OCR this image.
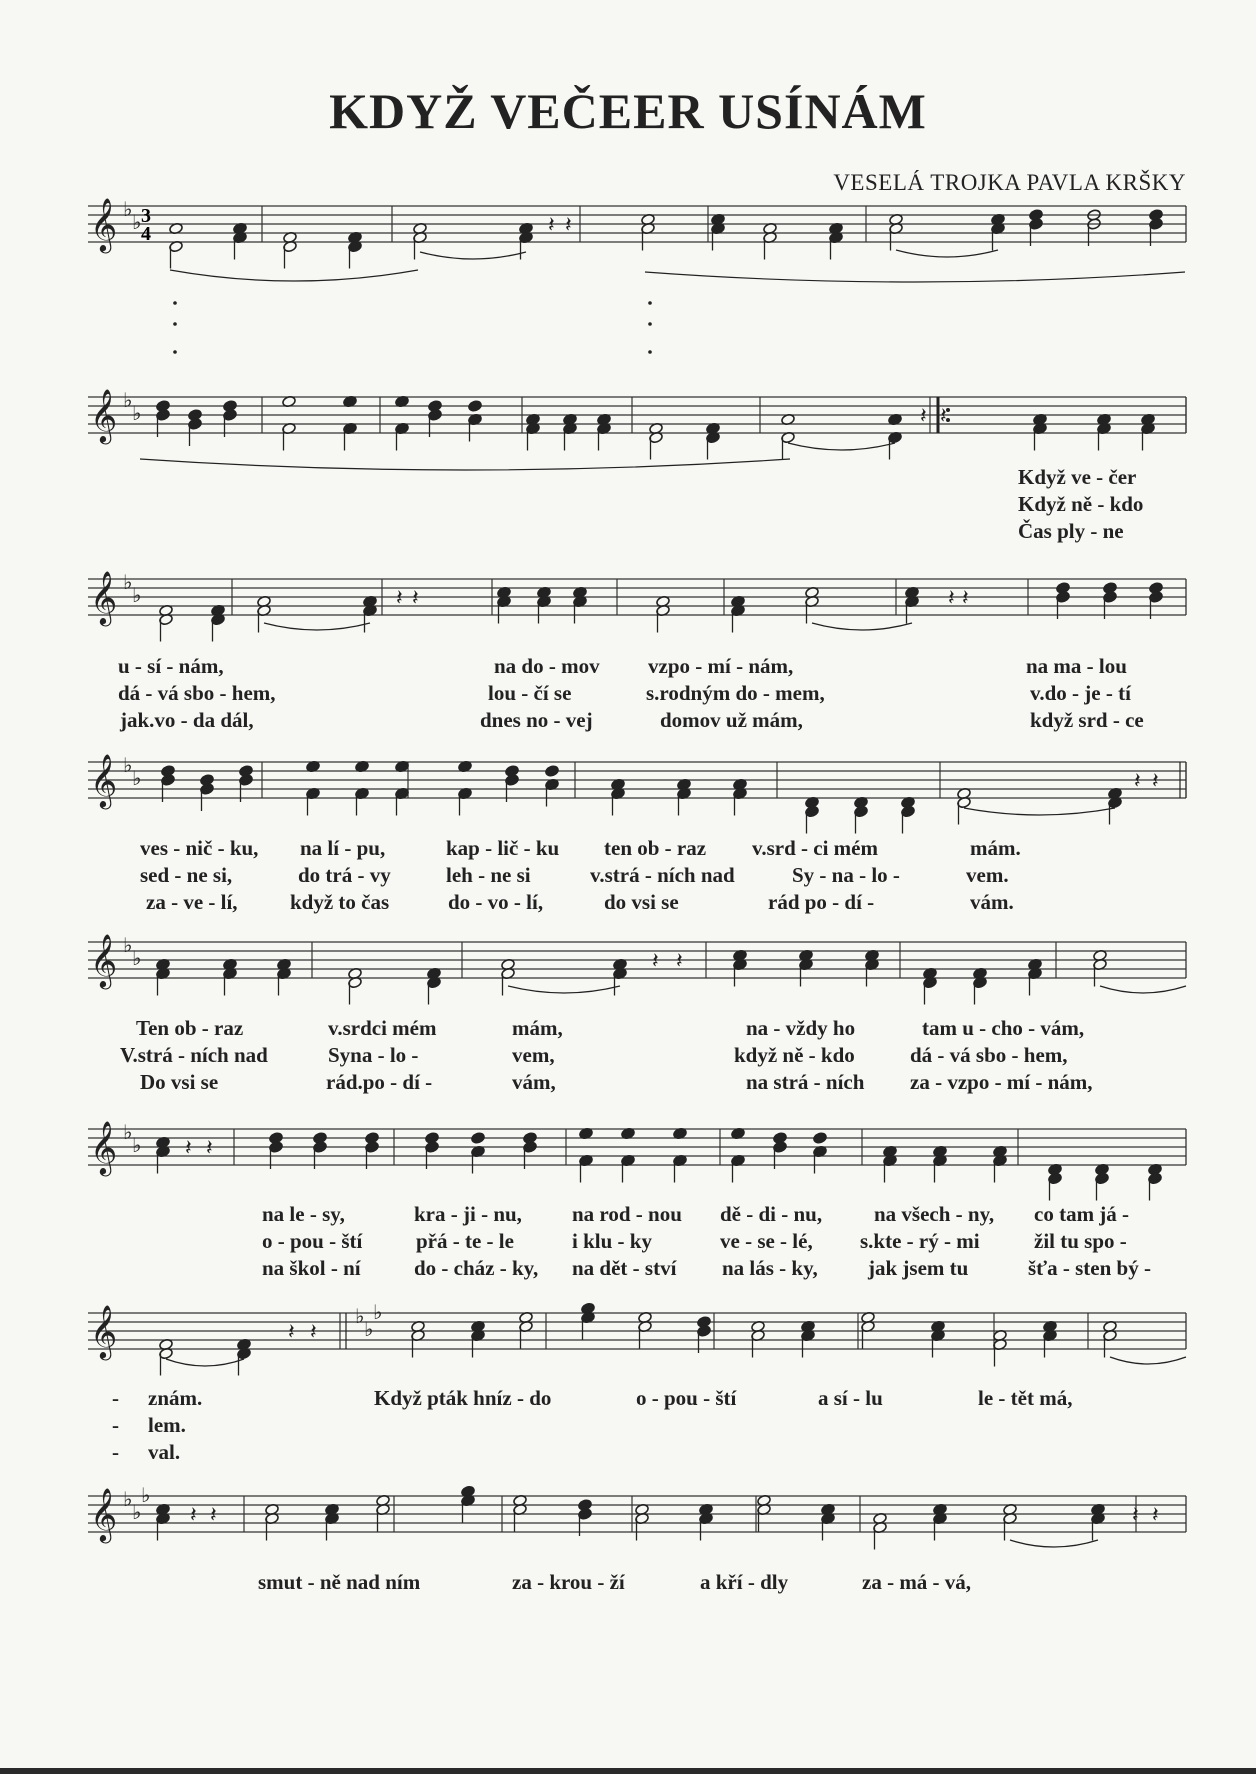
KDYŽ VEČEER USÍNÁM
VESELÁ TROJKA PAVLA KRŠKY
𝄞 ♭
♭ 3
4	𝄽 𝄽
𝄞 ♭
♭	𝄽 𝄽
𝄞 ♭
♭	𝄽 𝄽	𝄽 𝄽
𝄞 ♭
♭	𝄽 𝄽
𝄞 ♭
♭	𝄽 𝄽
𝄞 ♭
♭ 𝄽 𝄽
𝄞	♭
♭
♭
𝄽 𝄽
𝄞 ♭
♭
♭
𝄽 𝄽	𝄽 𝄽
Když ve - čer
Když ně - kdo
Čas ply - ne
u - sí - nám,	na do - mov vzpo - mí - nám,	na ma - lou
dá - vá sbo - hem,	lou - čí se	s.rodným do - mem,	v.do - je - tí
jak.vo - da dál,	dnes no - vej	domov už mám,	když srd - ce
ves - nič - ku, na lí - pu,	kap - lič - ku ten ob - raz v.srd - ci mém	mám.
sed - ne si,	do trá - vy	leh - ne si	v.strá - ních nad	Sy - na - lo -	vem.
za - ve - lí, když to čas	do - vo - lí,	do vsi se	rád po - dí -	vám.
Ten ob - raz	v.srdci mém	mám,	na - vždy ho	tam u - cho - vám,
V.strá - ních nad	Syna - lo -	vem,	když ně - kdo	dá - vá sbo - hem,
Do vsi se	rád.po - dí -	vám,	na strá - ních za - vzpo - mí - nám,
na le - sy,	kra - ji - nu, na rod - nou dě - di - nu, na všech - ny, co tam já -
o - pou - ští	přá - te - le	i klu - ky	ve - se - lé, s.kte - rý - mi	žil tu spo -
na škol - ní	do - cház - ky, na dět - ství na lás - ky, jak jsem tu	šťa - sten bý -
- znám.	Když pták hníz - do	o - pou - ští	a sí - lu	le - tět má,
- lem.
- val.
smut - ně nad ním	za - krou - ží	a kří - dly	za - má - vá,
